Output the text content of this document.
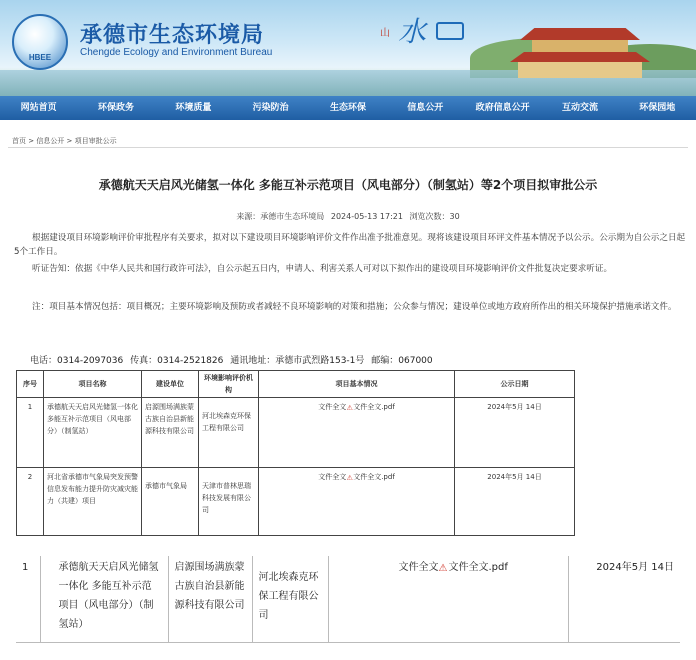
HBEE
承德市生态环境局
Chengde Ecology and Environment Bureau
山 水
网站首页	环保政务	环境质量	污染防治	生态环保	信息公开	政府信息公开	互动交流	环保园地
首页 > 信息公开 > 项目审批公示
承德航天天启风光储氢一体化 多能互补示范项目（风电部分）（制氢站）等2个项目拟审批公示
来源：承德市生态环境局 2024-05-13 17:21 浏览次数：30
根据建设项目环境影响评价审批程序有关要求，拟对以下建设项目环境影响评价文件作出准予批准意见。现将该建设项目环评文件基本情况予以公示。公示期为自公示之日起5个工作日。
听证告知：依据《中华人民共和国行政许可法》，自公示起五日内，申请人、利害关系人可对以下拟作出的建设项目环境影响评价文件批复决定要求听证。
注：项目基本情况包括：项目概况；主要环境影响及预防或者减轻不良环境影响的对策和措施；公众参与情况；建设单位或地方政府所作出的相关环境保护措施承诺文件。
电话：0314-2097036 传真：0314-2521826 通讯地址：承德市武烈路153-1号 邮编：067000
序号	项目名称	建设单位	环境影响评价机构	项目基本情况	公示日期
1	承德航天天启风光储氢一体化 多能互补示范项目（风电部分）（制氢站）	启源围场满族蒙古族自治县新能源科技有限公司	河北埃森克环保工程有限公司	文件全文⚠文件全文.pdf	2024年5月 14日
2	河北省承德市气象局突发预警信息发布能力提升防灾减灾能力（共建）项目	承德市气象局	天津市普林思瑞科技发展有限公司	文件全文⚠文件全文.pdf	2024年5月 14日
1	承德航天天启风光储氢一体化 多能互补示范项目（风电部分）（制氢站）	启源围场满族蒙古族自治县新能源科技有限公司	河北埃森克环保工程有限公司	文件全文⚠文件全文.pdf	2024年5月 14日
